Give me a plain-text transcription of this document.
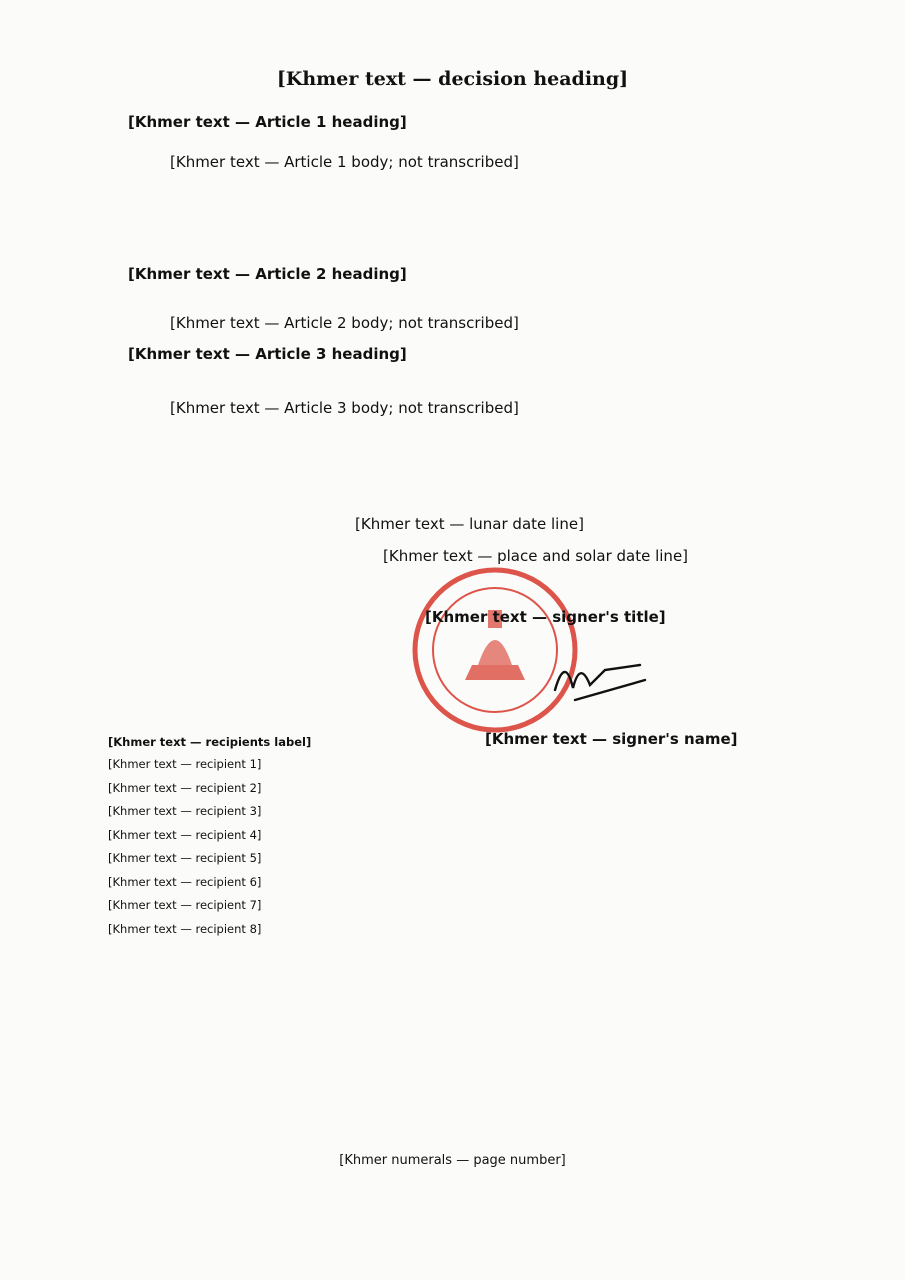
[Khmer text — decision heading]
[Khmer text — Article 1 heading]
[Khmer text — Article 1 body; not transcribed]
[Khmer text — Article 2 heading]
[Khmer text — Article 2 body; not transcribed]
[Khmer text — Article 3 heading]
[Khmer text — Article 3 body; not transcribed]
[Khmer text — lunar date line]
[Khmer text — place and solar date line]
[Khmer text — signer's title]
[Khmer text — signer's name]
[Khmer text — recipients label]
[Khmer text — recipient 1]
[Khmer text — recipient 2]
[Khmer text — recipient 3]
[Khmer text — recipient 4]
[Khmer text — recipient 5]
[Khmer text — recipient 6]
[Khmer text — recipient 7]
[Khmer text — recipient 8]
[Khmer numerals — page number]
